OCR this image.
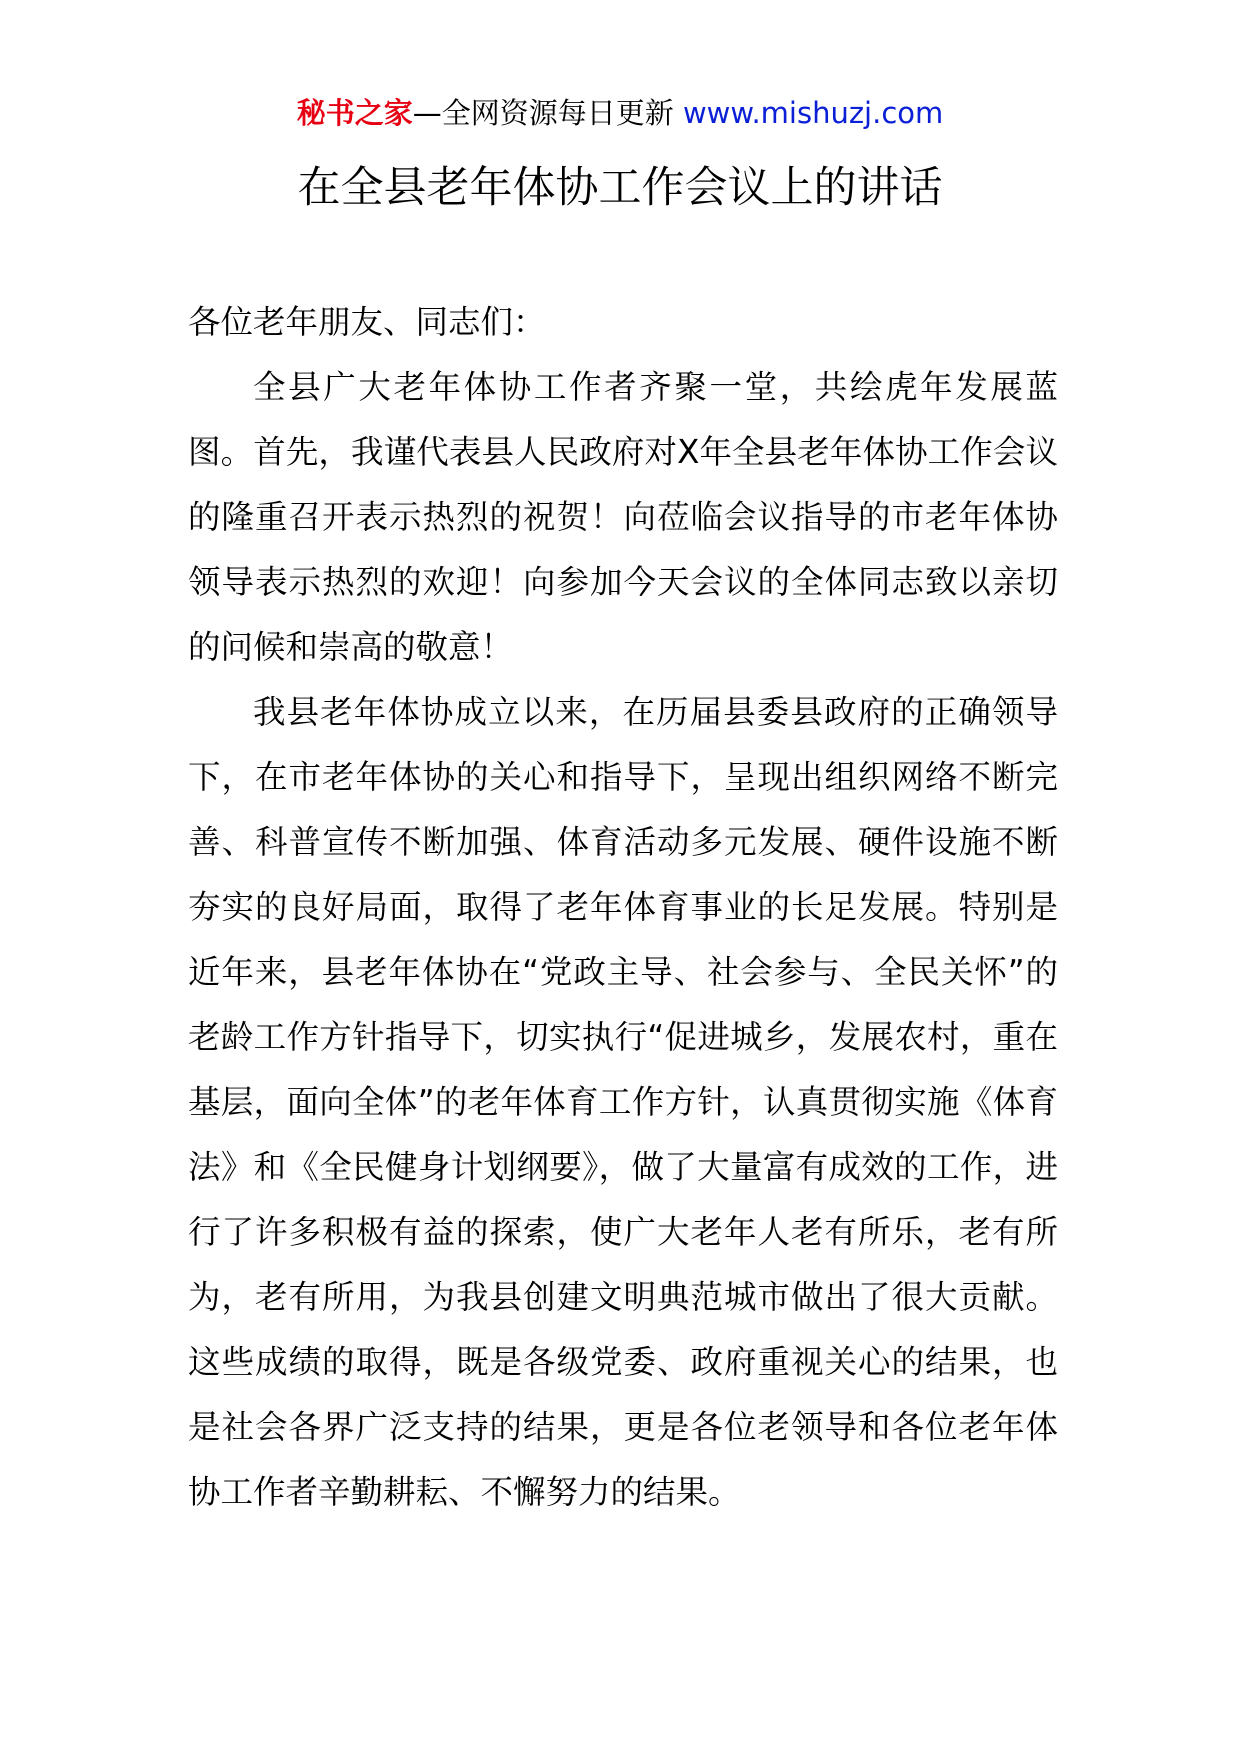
秘书之家—全网资源每日更新 www.mishuzj.com
在全县老年体协工作会议上的讲话

各位老年朋友、同志们：

全县广大老年体协工作者齐聚一堂，共绘虎年发展蓝图。首先，我谨代表县人民政府对X年全县老年体协工作会议的隆重召开表示热烈的祝贺！向莅临会议指导的市老年体协领导表示热烈的欢迎！向参加今天会议的全体同志致以亲切的问候和崇高的敬意！

我县老年体协成立以来，在历届县委县政府的正确领导下，在市老年体协的关心和指导下，呈现出组织网络不断完善、科普宣传不断加强、体育活动多元发展、硬件设施不断夯实的良好局面，取得了老年体育事业的长足发展。特别是近年来，县老年体协在“党政主导、社会参与、全民关怀”的老龄工作方针指导下，切实执行“促进城乡，发展农村，重在基层，面向全体”的老年体育工作方针，认真贯彻实施《体育法》和《全民健身计划纲要》，做了大量富有成效的工作，进行了许多积极有益的探索，使广大老年人老有所乐，老有所为，老有所用，为我县创建文明典范城市做出了很大贡献。这些成绩的取得，既是各级党委、政府重视关心的结果，也是社会各界广泛支持的结果，更是各位老领导和各位老年体协工作者辛勤耕耘、不懈努力的结果。
